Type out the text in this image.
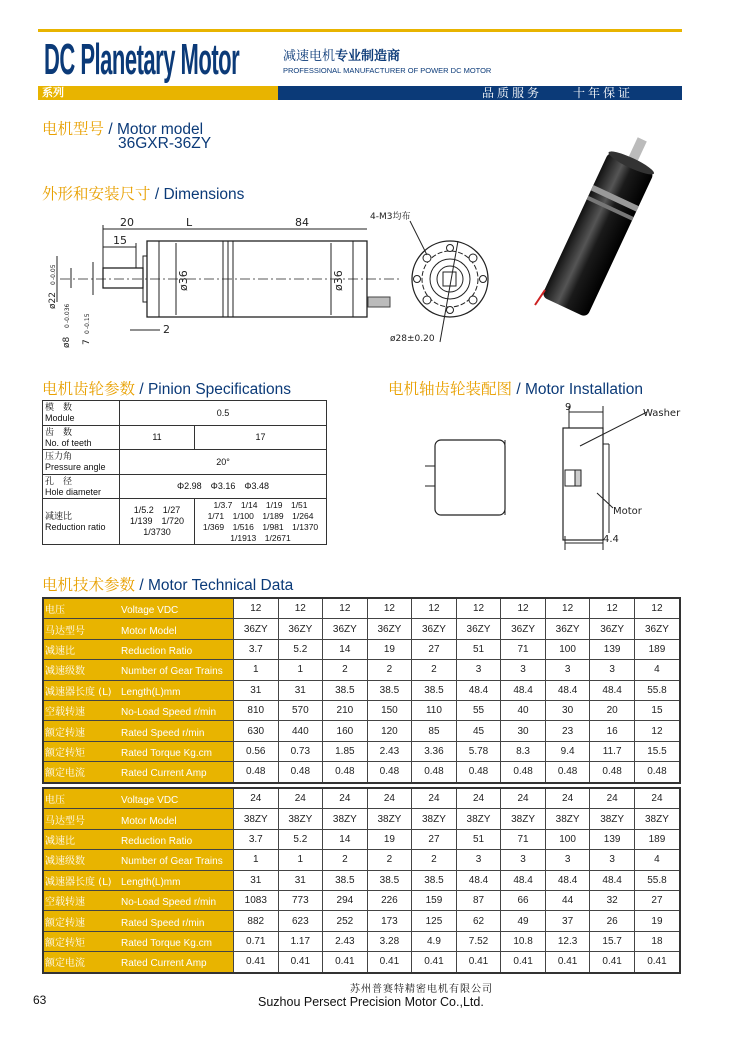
DC Planetary Motor	减速电机专业制造商
PROFESSIONAL MANUFACTURER OF POWER DC MOTOR
系列	品质服务	十年保证
电机型号 / Motor model
36GXR-36ZY
外形和安装尺寸 / Dimensions
20
15
L	84
2
ø36	ø36
ø22
0 -0.05
ø8
0 -0.036
7
0 -0.15
4-M3均布
ø28±0.20
电机齿轮参数 / Pinion Specifications	电机轴齿轮装配图 / Motor Installation
模　数
Module	0.5	
齿　数
No. of teeth	11	17
压力角
Pressure angle	20°	
孔　径
Hole diameter	Φ2.98　Φ3.16　Φ3.48	
减速比
Reduction ratio	1/5.2　1/27
1/139　1/720
1/3730	1/3.7　1/14　1/19　1/51
1/71　1/100　1/189　1/264
1/369　1/516　1/981　1/1370
1/1913　1/2671
9
Washer
Motor
4.4
电机技术参数 / Motor Technical Data
电压 Voltage VDC	12	12	12	12	12	12	12	12	12	12
马达型号 Motor Model	36ZY	36ZY	36ZY	36ZY	36ZY	36ZY	36ZY	36ZY	36ZY	36ZY
减速比 Reduction Ratio	3.7	5.2	14	19	27	51	71	100	139	189
减速级数 Number of Gear Trains	1	1	2	2	2	3	3	3	3	4
减速器长度 (L) Length(L)mm	31	31	38.5	38.5	38.5	48.4	48.4	48.4	48.4	55.8
空载转速 No-Load Speed r/min	810	570	210	150	110	55	40	30	20	15
额定转速 Rated Speed r/min	630	440	160	120	85	45	30	23	16	12
额定转矩 Rated Torque Kg.cm	0.56	0.73	1.85	2.43	3.36	5.78	8.3	9.4	11.7	15.5
额定电流 Rated Current Amp	0.48	0.48	0.48	0.48	0.48	0.48	0.48	0.48	0.48	0.48
电压 Voltage VDC	24	24	24	24	24	24	24	24	24	24
马达型号 Motor Model	38ZY	38ZY	38ZY	38ZY	38ZY	38ZY	38ZY	38ZY	38ZY	38ZY
减速比 Reduction Ratio	3.7	5.2	14	19	27	51	71	100	139	189
减速级数 Number of Gear Trains	1	1	2	2	2	3	3	3	3	4
减速器长度 (L) Length(L)mm	31	31	38.5	38.5	38.5	48.4	48.4	48.4	48.4	55.8
空载转速 No-Load Speed r/min	1083	773	294	226	159	87	66	44	32	27
额定转速 Rated Speed r/min	882	623	252	173	125	62	49	37	26	19
额定转矩 Rated Torque Kg.cm	0.71	1.17	2.43	3.28	4.9	7.52	10.8	12.3	15.7	18
额定电流 Rated Current Amp	0.41	0.41	0.41	0.41	0.41	0.41	0.41	0.41	0.41	0.41
63
苏州普赛特精密电机有限公司
Suzhou Persect Precision Motor Co.,Ltd.
